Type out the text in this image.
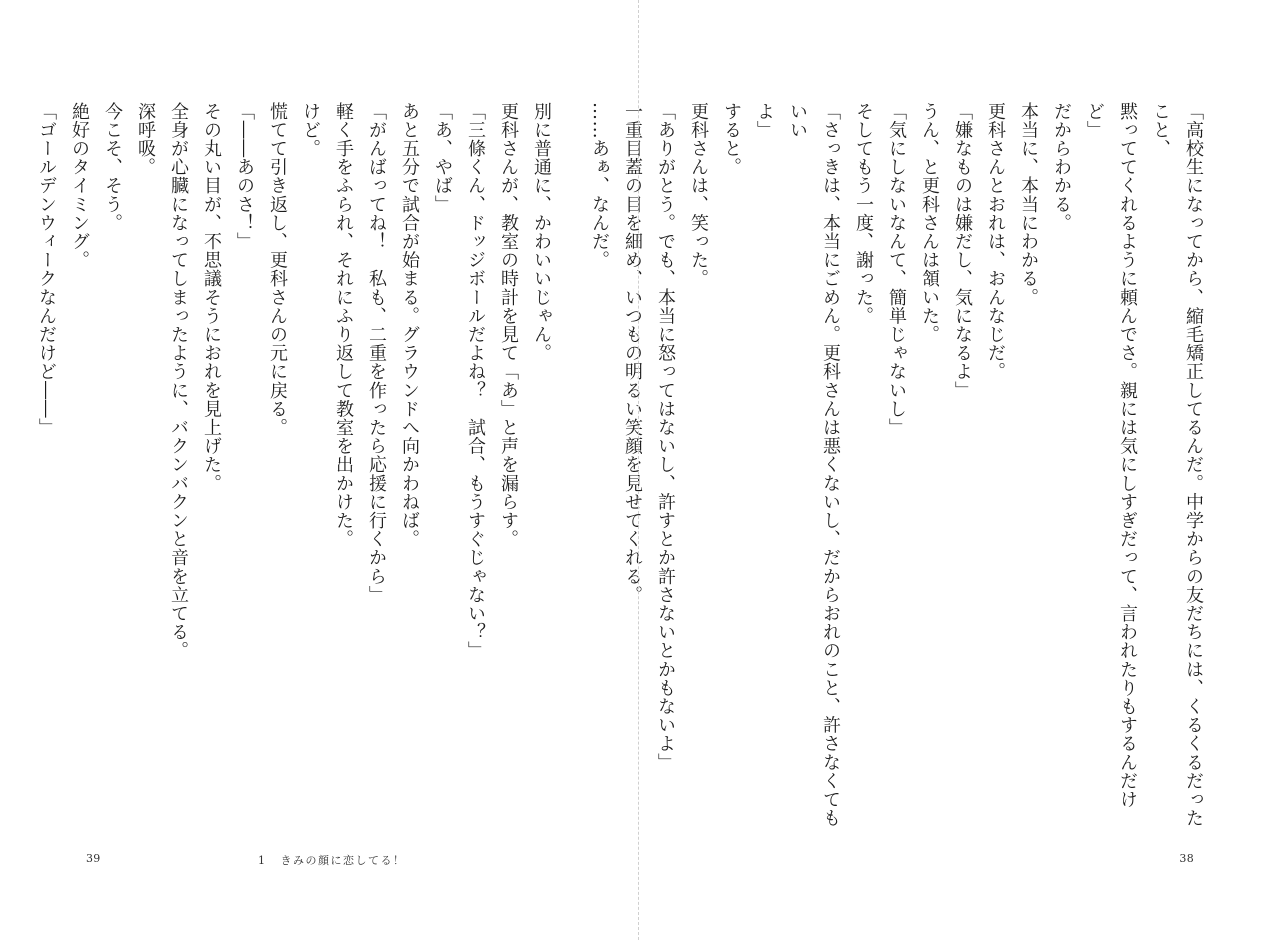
「高校生になってから、縮毛矯正してるんだ。中学からの友だちには、くるくるだったこと、
黙っててくれるように頼んでさ。親には気にしすぎだって、言われたりもするんだけど」
だからわかる。
本当に、本当にわかる。
更科さんとおれは、おんなじだ。
「嫌なものは嫌だし、気になるよ」
うん、と更科さんは頷いた。
「気にしないなんて、簡単じゃないし」
そしてもう一度、謝った。
「さっきは、本当にごめん。更科さんは悪くないし、だからおれのこと、許さなくてもいい
よ」
すると。
更科さんは、笑った。
「ありがとう。でも、本当に怒ってはないし、許すとか許さないとかもないよ」
一重目蓋の目を細め、いつもの明るい笑顔を見せてくれる。
……あぁ、なんだ。
38
別に普通に、かわいいじゃん。
更科さんが、教室の時計を見て「あ」と声を漏らす。
「三條くん、ドッジボールだよね？　試合、もうすぐじゃない？」
「あ、やば」
あと五分で試合が始まる。グラウンドへ向かわねば。
「がんばってね！　私も、二重を作ったら応援に行くから」
軽く手をふられ、それにふり返して教室を出かけた。
けど。
慌てて引き返し、更科さんの元に戻る。
「――あのさ！」
その丸い目が、不思議そうにおれを見上げた。
全身が心臓になってしまったように、バクンバクンと音を立てる。
深呼吸。
今こそ、そう。
絶好のタイミング。
「ゴールデンウィークなんだけど――」
39	1 きみの顔に恋してる！
